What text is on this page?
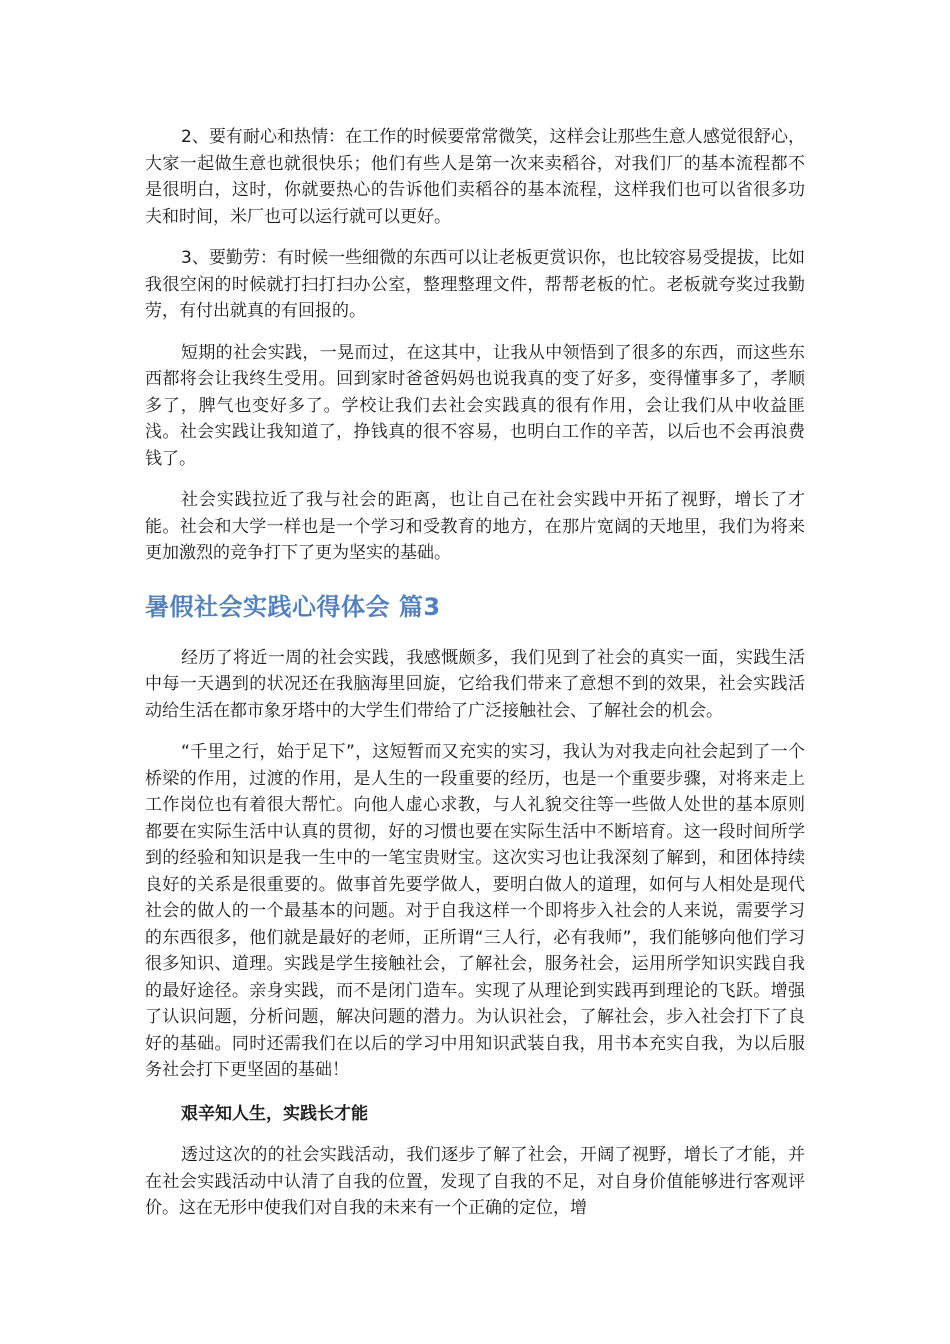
2、要有耐心和热情：在工作的时候要常常微笑，这样会让那些生意人感觉很舒心，大家一起做生意也就很快乐；他们有些人是第一次来卖稻谷，对我们厂的基本流程都不是很明白，这时，你就要热心的告诉他们卖稻谷的基本流程，这样我们也可以省很多功夫和时间，米厂也可以运行就可以更好。

3、要勤劳：有时候一些细微的东西可以让老板更赏识你，也比较容易受提拔，比如我很空闲的时候就打扫打扫办公室，整理整理文件，帮帮老板的忙。老板就夸奖过我勤劳，有付出就真的有回报的。

短期的社会实践，一晃而过，在这其中，让我从中领悟到了很多的东西，而这些东西都将会让我终生受用。回到家时爸爸妈妈也说我真的变了好多，变得懂事多了，孝顺多了，脾气也变好多了。学校让我们去社会实践真的很有作用，会让我们从中收益匪浅。社会实践让我知道了，挣钱真的很不容易，也明白工作的辛苦，以后也不会再浪费钱了。

社会实践拉近了我与社会的距离，也让自己在社会实践中开拓了视野，增长了才能。社会和大学一样也是一个学习和受教育的地方，在那片宽阔的天地里，我们为将来更加激烈的竞争打下了更为坚实的基础。

暑假社会实践心得体会 篇3

经历了将近一周的社会实践，我感慨颇多，我们见到了社会的真实一面，实践生活中每一天遇到的状况还在我脑海里回旋，它给我们带来了意想不到的效果，社会实践活动给生活在都市象牙塔中的大学生们带给了广泛接触社会、了解社会的机会。

“千里之行，始于足下”，这短暂而又充实的实习，我认为对我走向社会起到了一个桥梁的作用，过渡的作用，是人生的一段重要的经历，也是一个重要步骤，对将来走上工作岗位也有着很大帮忙。向他人虚心求教，与人礼貌交往等一些做人处世的基本原则都要在实际生活中认真的贯彻，好的习惯也要在实际生活中不断培育。这一段时间所学到的经验和知识是我一生中的一笔宝贵财宝。这次实习也让我深刻了解到，和团体持续良好的关系是很重要的。做事首先要学做人，要明白做人的道理，如何与人相处是现代社会的做人的一个最基本的问题。对于自我这样一个即将步入社会的人来说，需要学习的东西很多，他们就是最好的老师，正所谓“三人行，必有我师”，我们能够向他们学习很多知识、道理。实践是学生接触社会，了解社会，服务社会，运用所学知识实践自我的最好途径。亲身实践，而不是闭门造车。实现了从理论到实践再到理论的飞跃。增强了认识问题，分析问题，解决问题的潜力。为认识社会，了解社会，步入社会打下了良好的基础。同时还需我们在以后的学习中用知识武装自我，用书本充实自我，为以后服务社会打下更坚固的基础！

艰辛知人生，实践长才能

透过这次的的社会实践活动，我们逐步了解了社会，开阔了视野，增长了才能，并在社会实践活动中认清了自我的位置，发现了自我的不足，对自身价值能够进行客观评价。这在无形中使我们对自我的未来有一个正确的定位，增
